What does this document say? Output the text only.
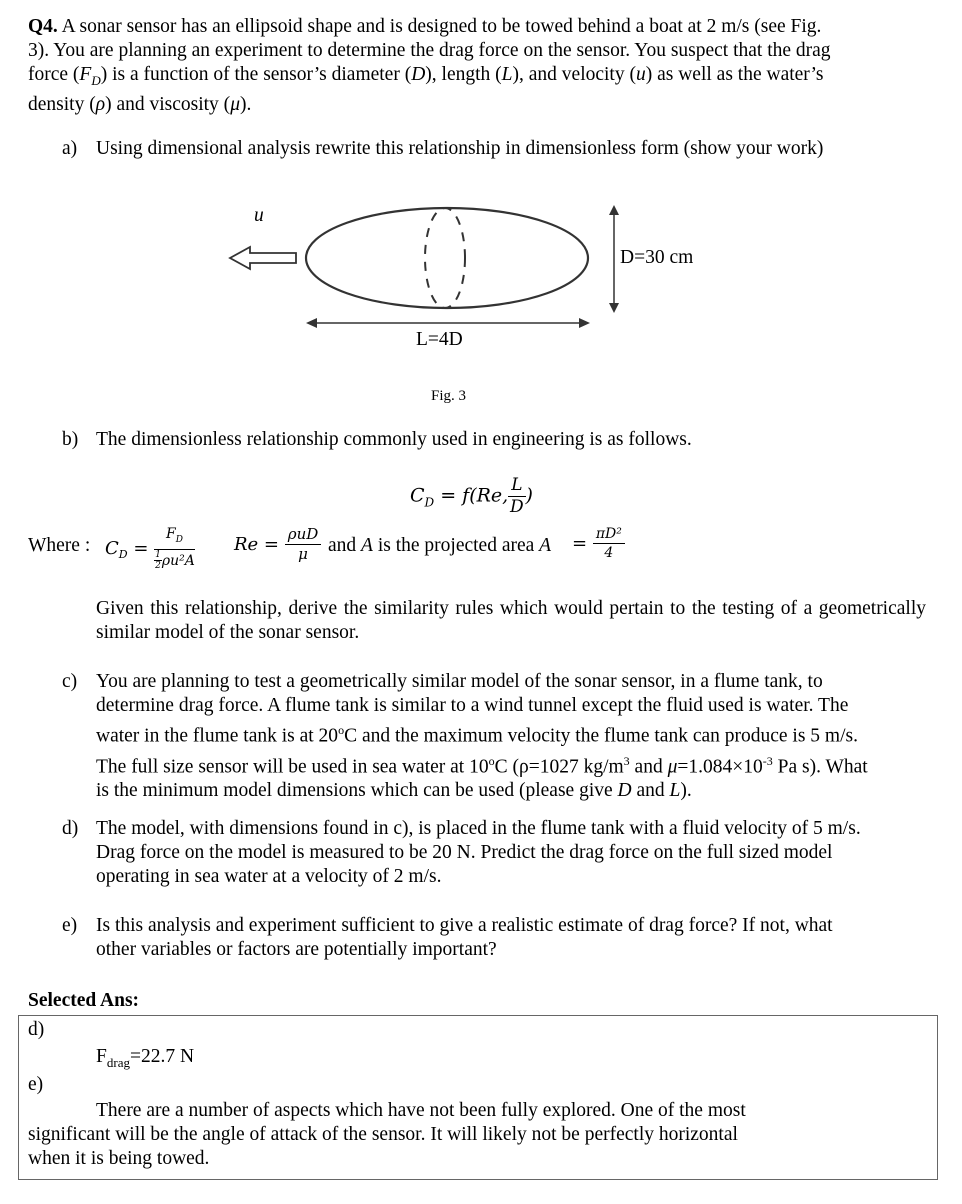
Q4. A sonar sensor has an ellipsoid shape and is designed to be towed behind a boat at 2 m/s (see Fig.
3). You are planning an experiment to determine the drag force on the sensor. You suspect that the drag
force $(F_D)$ is a function of the sensor’s diameter (D), length (L), and velocity (u) as well as the water’s
density (ρ) and viscosity (μ).
a) Using dimensional analysis rewrite this relationship in dimensionless form (show your work)
u
D=30 cm
L=4D
Fig. 3
b) The dimensionless relationship commonly used in engineering is as follows.
$C_D = f(Re$, $\frac{L}{D}$ )
Where : $C_D = \frac{F_D}{\frac{1}{2} \rho u^2A}$ $Re = \frac{\text{ρuD}}{\mu}$ and A is the projected area $A = \frac{\text{πD²}}{4}$
Given this relationship, derive the similarity rules which would pertain to the testing of a geometrically similar model of the sonar sensor.
c) You are planning to test a geometrically similar model of the sonar sensor, in a flume tank, to
determine drag force. A flume tank is similar to a wind tunnel except the fluid used is water. The
water in the flume tank is at 20$^o$C and the maximum velocity the flume tank can produce is 5 m/s.
The full size sensor will be used in sea water at 10$^o$C (ρ=1027 $kg/m^3$ and $\mu=1.084\times 10^{-3}$ Pa s). What
is the minimum model dimensions which can be used (please give D and L).
d) The model, with dimensions found in c), is placed in the flume tank with a fluid velocity of 5 m/s.
Drag force on the model is measured to be 20 N. Predict the drag force on the full sized model
operating in sea water at a velocity of 2 m/s.
e) Is this analysis and experiment sufficient to give a realistic estimate of drag force? If not, what
other variables or factors are potentially important?
Selected Ans:
d)
$F_{drag}=22.7$ N
e)
There are a number of aspects which have not been fully explored. One of the most
significant will be the angle of attack of the sensor. It will likely not be perfectly horizontal
when it is being towed.
